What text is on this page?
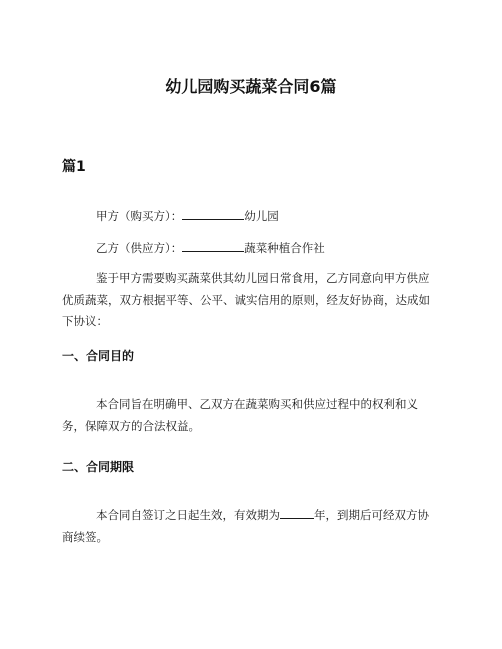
幼儿园购买蔬菜合同6篇
篇1

甲方（购买方）：	幼儿园

乙方（供应方）：	蔬菜种植合作社

鉴于甲方需要购买蔬菜供其幼儿园日常食用，乙方同意向甲方供应优质蔬菜，双方根据平等、公平、诚实信用的原则，经友好协商，达成如下协议：

一、合同目的

本合同旨在明确甲、乙双方在蔬菜购买和供应过程中的权利和义务，保障双方的合法权益。

二、合同期限

本合同自签订之日起生效，有效期为	年，到期后可经双方协商续签。
